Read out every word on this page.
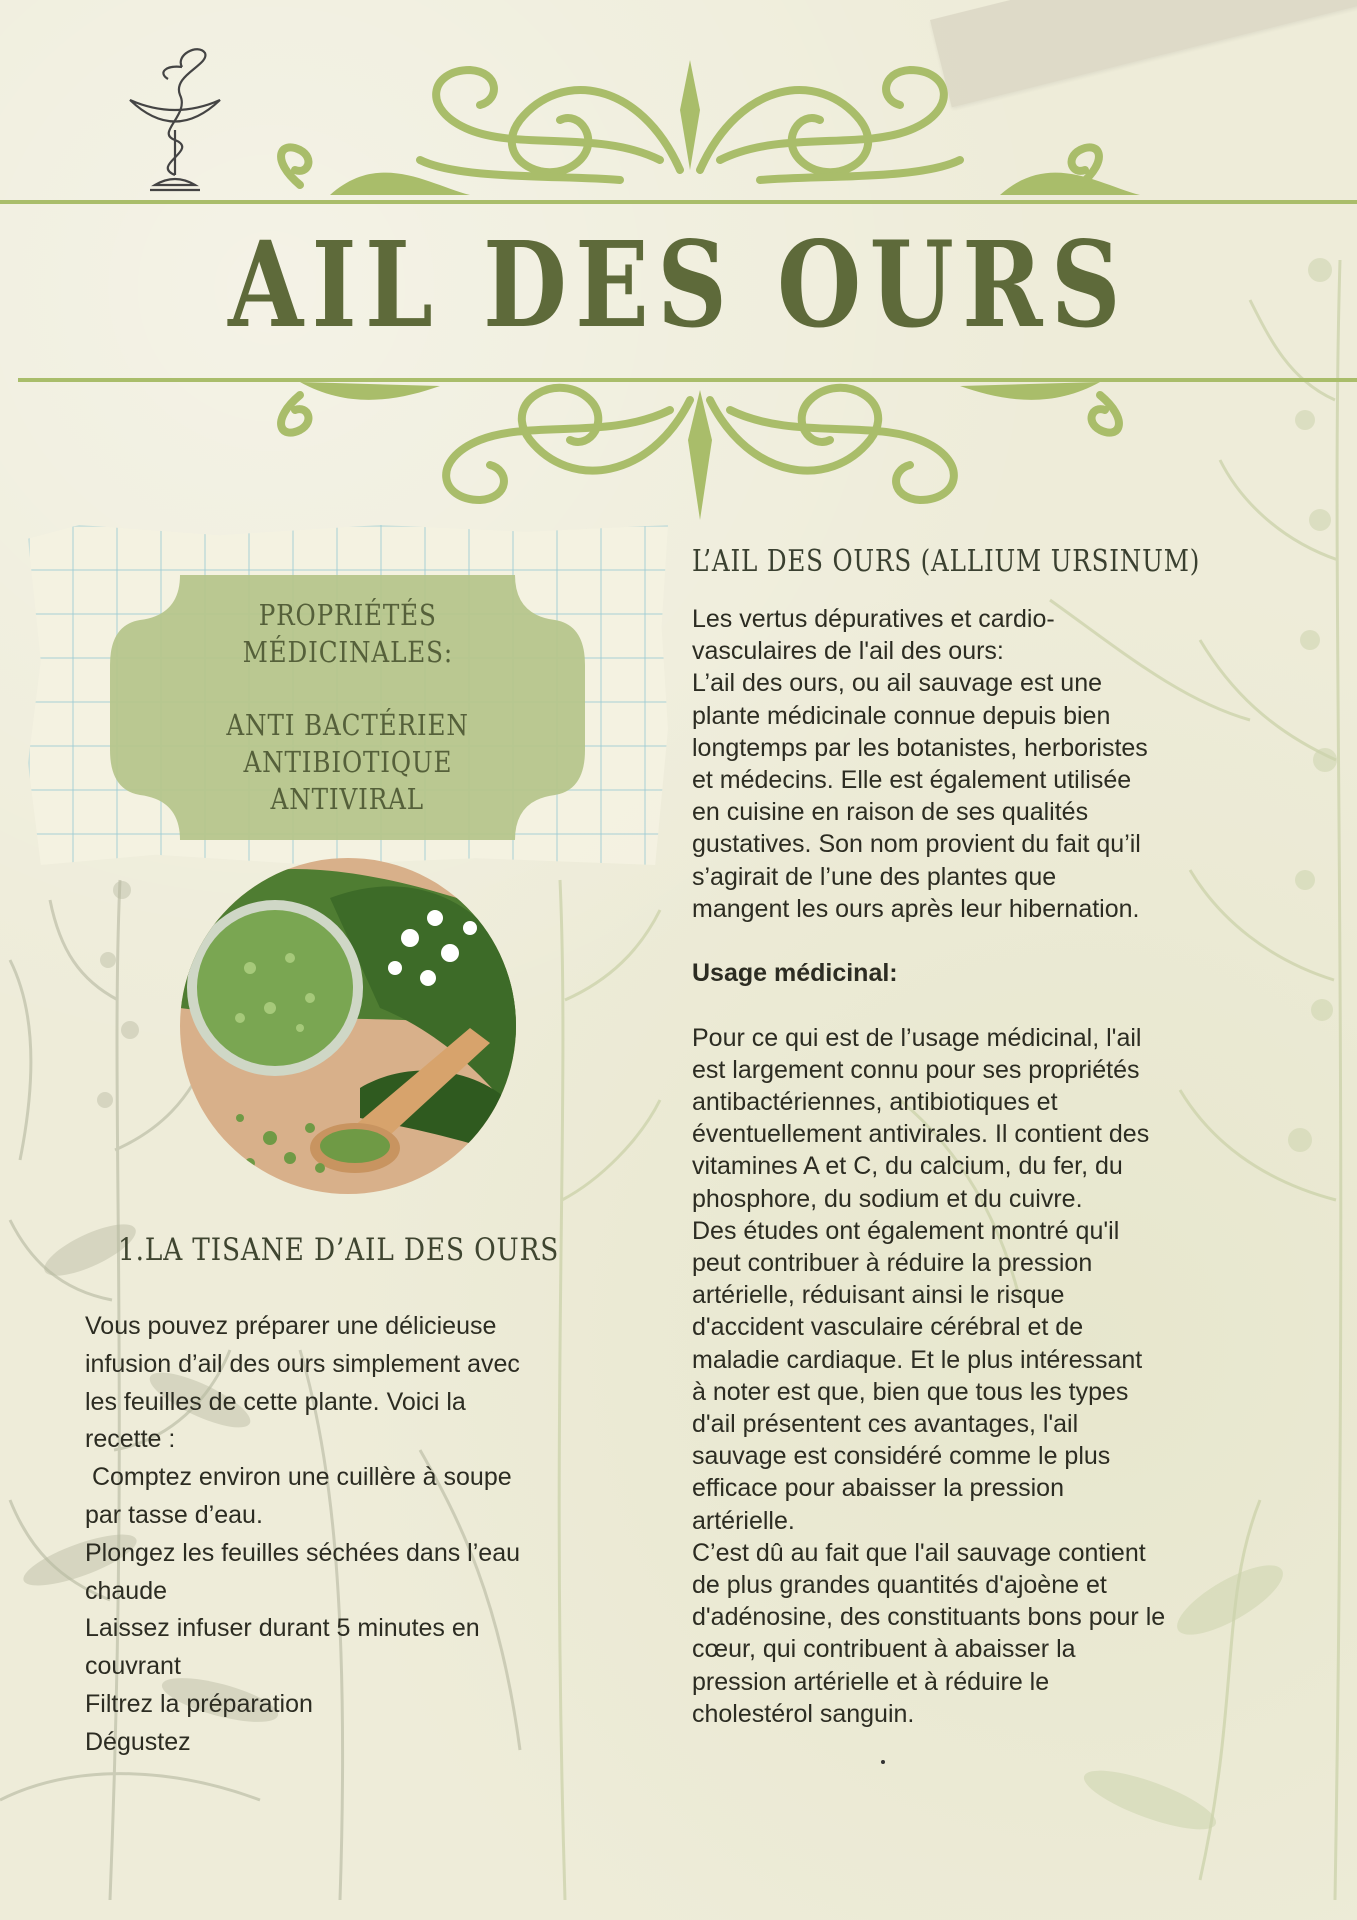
AIL DES OURS
PROPRIÉTÉS
MÉDICINALES:
ANTI BACTÉRIEN
ANTIBIOTIQUE
ANTIVIRAL
1.LA TISANE D’AIL DES OURS
Vous pouvez préparer une délicieuse
infusion d’ail des ours simplement avec
les feuilles de cette plante. Voici la
recette :
Comptez environ une cuillère à soupe
par tasse d’eau.
Plongez les feuilles séchées dans l’eau
chaude
Laissez infuser durant 5 minutes en
couvrant
Filtrez la préparation
Dégustez
L’AIL DES OURS (ALLIUM URSINUM)
Les vertus dépuratives et cardio-
vasculaires de l'ail des ours:
L’ail des ours, ou ail sauvage est une
plante médicinale connue depuis bien
longtemps par les botanistes, herboristes
et médecins. Elle est également utilisée
en cuisine en raison de ses qualités
gustatives. Son nom provient du fait qu’il
s’agirait de l’une des plantes que
mangent les ours après leur hibernation.
Usage médicinal:
Pour ce qui est de l’usage médicinal, l'ail
est largement connu pour ses propriétés
antibactériennes, antibiotiques et
éventuellement antivirales. Il contient des
vitamines A et C, du calcium, du fer, du
phosphore, du sodium et du cuivre.
Des études ont également montré qu'il
peut contribuer à réduire la pression
artérielle, réduisant ainsi le risque
d'accident vasculaire cérébral et de
maladie cardiaque. Et le plus intéressant
à noter est que, bien que tous les types
d'ail présentent ces avantages, l'ail
sauvage est considéré comme le plus
efficace pour abaisser la pression
artérielle.
C’est dû au fait que l'ail sauvage contient
de plus grandes quantités d'ajoène et
d'adénosine, des constituants bons pour le
cœur, qui contribuent à abaisser la
pression artérielle et à réduire le
cholestérol sanguin.
